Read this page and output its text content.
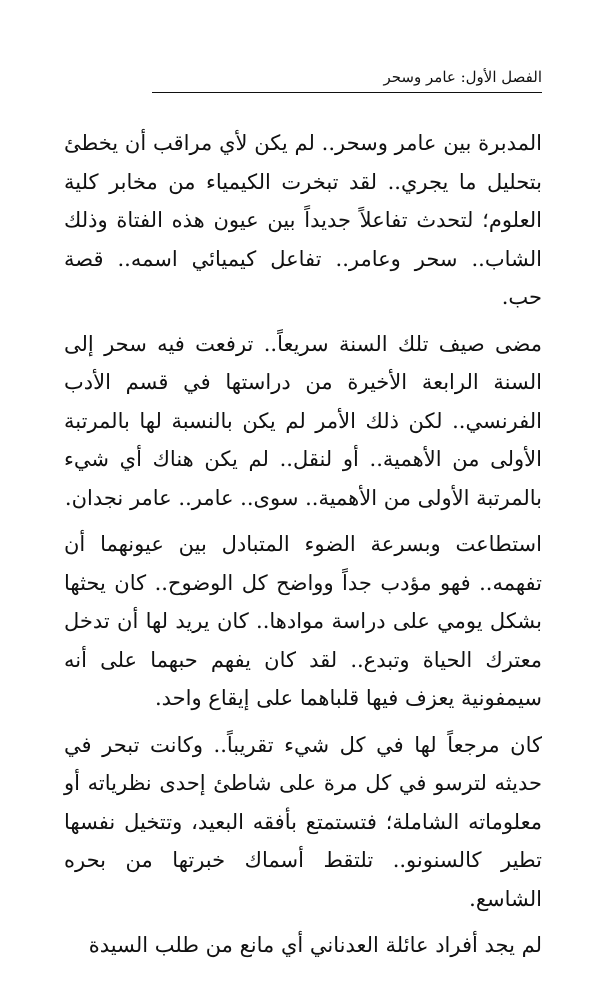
الفصل الأول: عامر وسحر

المدبرة بين عامر وسحر.. لم يكن لأي مراقب أن يخطئ بتحليل ما يجري.. لقد تبخرت الكيمياء من مخابر كلية العلوم؛ لتحدث تفاعلاً جديداً بين عيون هذه الفتاة وذلك الشاب.. سحر وعامر.. تفاعل كيميائي اسمه.. قصة حب.

مضى صيف تلك السنة سريعاً.. ترفعت فيه سحر إلى السنة الرابعة الأخيرة من دراستها في قسم الأدب الفرنسي.. لكن ذلك الأمر لم يكن بالنسبة لها بالمرتبة الأولى من الأهمية.. أو لنقل.. لم يكن هناك أي شيء بالمرتبة الأولى من الأهمية.. سوى.. عامر.. عامر نجدان.

استطاعت وبسرعة الضوء المتبادل بين عيونهما أن تفهمه.. فهو مؤدب جداً وواضح كل الوضوح.. كان يحثها بشكل يومي على دراسة موادها.. كان يريد لها أن تدخل معترك الحياة وتبدع.. لقد كان يفهم حبهما على أنه سيمفونية يعزف فيها قلباهما على إيقاع واحد.

كان مرجعاً لها في كل شيء تقريباً.. وكانت تبحر في حديثه لترسو في كل مرة على شاطئ إحدى نظرياته أو معلوماته الشاملة؛ فتستمتع بأفقه البعيد، وتتخيل نفسها تطير كالسنونو.. تلتقط أسماك خبرتها من بحره الشاسع.

لم يجد أفراد عائلة العدناني أي مانع من طلب السيدة
